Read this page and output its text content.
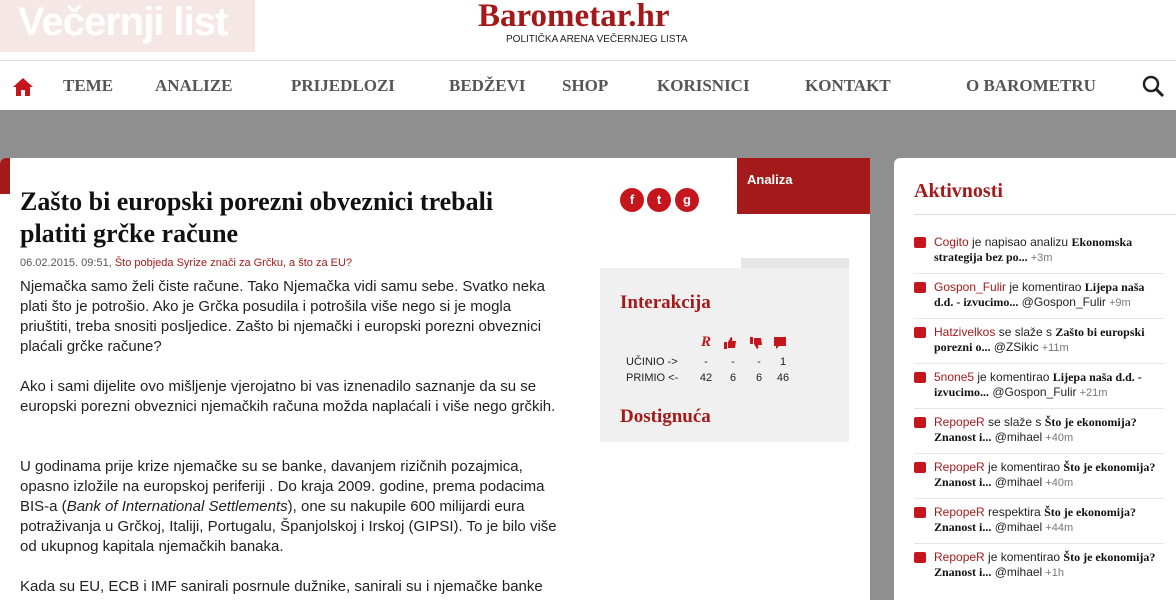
Večernji list	Barometar.hr
POLITIČKA ARENA VEČERNJEG LISTA
TEME ANALIZE	PRIJEDLOZI	BEDŽEVI SHOP	KORISNICI	KONTAKT	O BAROMETRU
Zašto bi europski porezni obveznici trebali platiti grčke račune
06.02.2015. 09:51, Što pobjeda Syrize znači za Grčku, a što za EU?

Njemačka samo želi čiste račune. Tako Njemačka vidi samu sebe. Svatko neka plati što je potrošio. Ako je Grčka posudila i potrošila više nego si je mogla priuštiti, treba snositi posljedice. Zašto bi njemački i europski porezni obveznici plaćali grčke račune?

Ako i sami dijelite ovo mišljenje vjerojatno bi vas iznenadilo saznanje da su se europski porezni obveznici njemačkih računa možda naplaćali i više nego grčkih.

U godinama prije krize njemačke su se banke, davanjem rizičnih pozajmica, opasno izložile na europskoj periferiji . Do kraja 2009. godine, prema podacima BIS-a (Bank of International Settlements), one su nakupile 600 milijardi eura potraživanja u Grčkoj, Italiji, Portugalu, Španjolskoj i Irskoj (GIPSI). To je bilo više od ukupnog kapitala njemačkih banaka.

Kada su EU, ECB i IMF sanirali posrnule dužnike, sanirali su i njemačke banke

f	t	g
Analiza
Interakcija
R
UČINIO ->	-	-	-	1
PRIMIO <-	42	6	6	46
Dostignuća
Aktivnosti
Cogito je napisao analizu Ekonomska strategija bez po... +3m
Gospon_Fulir je komentirao Lijepa naša d.d. - izvucimo... @Gospon_Fulir +9m
Hatzivelkos se slaže s Zašto bi europski porezni o... @ZSikic +11m
5none5 je komentirao Lijepa naša d.d. - izvucimo... @Gospon_Fulir +21m
RepopeR se slaže s Što je ekonomija? Znanost i... @mihael +40m
RepopeR je komentirao Što je ekonomija? Znanost i... @mihael +40m
RepopeR respektira Što je ekonomija? Znanost i... @mihael +44m
RepopeR je komentirao Što je ekonomija? Znanost i... @mihael +1h
